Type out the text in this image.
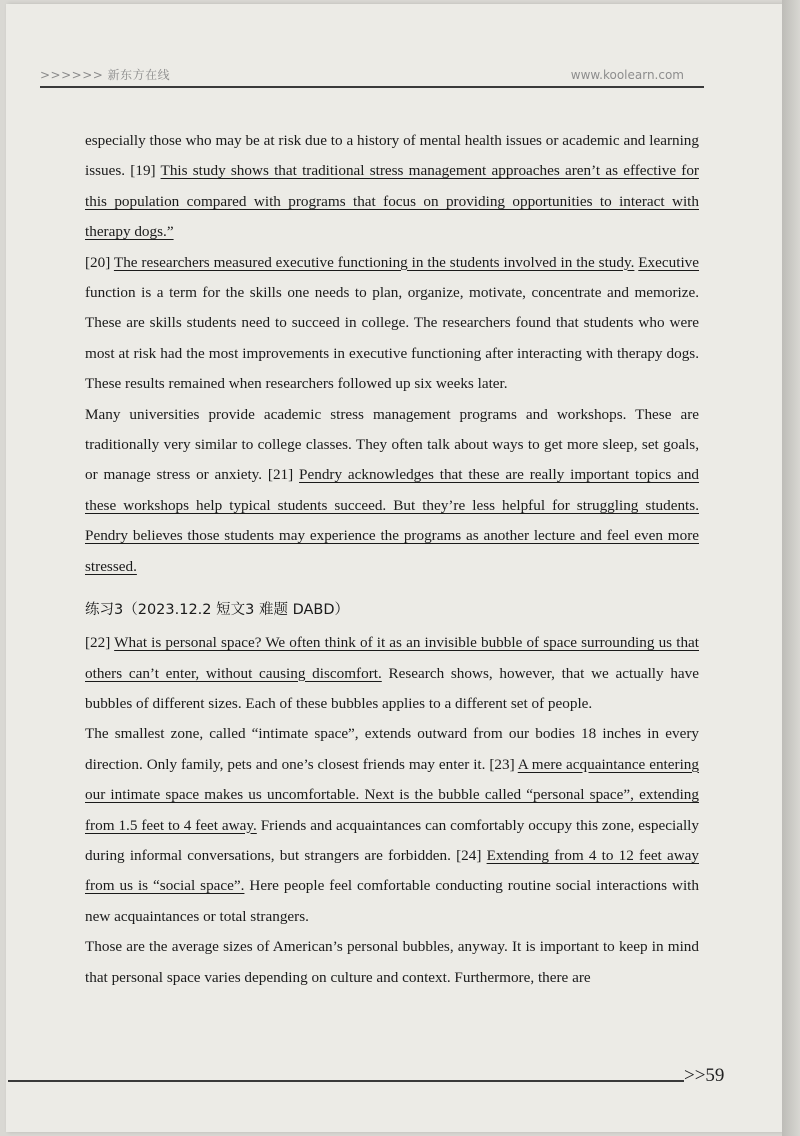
>>>>>> 新东方在线	www.koolearn.com

especially those who may be at risk due to a history of mental health issues or academic and learning issues. [19] This study shows that traditional stress management approaches aren’t as effective for this population compared with programs that focus on providing opportunities to interact with therapy dogs.”

[20] The researchers measured executive functioning in the students involved in the study. Executive function is a term for the skills one needs to plan, organize, motivate, concentrate and memorize. These are skills students need to succeed in college. The researchers found that students who were most at risk had the most improvements in executive functioning after interacting with therapy dogs. These results remained when researchers followed up six weeks later.

Many universities provide academic stress management programs and workshops. These are traditionally very similar to college classes. They often talk about ways to get more sleep, set goals, or manage stress or anxiety. [21] Pendry acknowledges that these are really important topics and these workshops help typical students succeed. But they’re less helpful for struggling students. Pendry believes those students may experience the programs as another lecture and feel even more stressed.

练习3（2023.12.2 短文3 难题 DABD）

[22] What is personal space? We often think of it as an invisible bubble of space surrounding us that others can’t enter, without causing discomfort. Research shows, however, that we actually have bubbles of different sizes. Each of these bubbles applies to a different set of people.

The smallest zone, called “intimate space”, extends outward from our bodies 18 inches in every direction. Only family, pets and one’s closest friends may enter it. [23] A mere acquaintance entering our intimate space makes us uncomfortable. Next is the bubble called “personal space”, extending from 1.5 feet to 4 feet away. Friends and acquaintances can comfortably occupy this zone, especially during informal conversations, but strangers are forbidden. [24] Extending from 4 to 12 feet away from us is “social space”. Here people feel comfortable conducting routine social interactions with new acquaintances or total strangers.

Those are the average sizes of American’s personal bubbles, anyway. It is important to keep in mind that personal space varies depending on culture and context. Furthermore, there are

>>59
